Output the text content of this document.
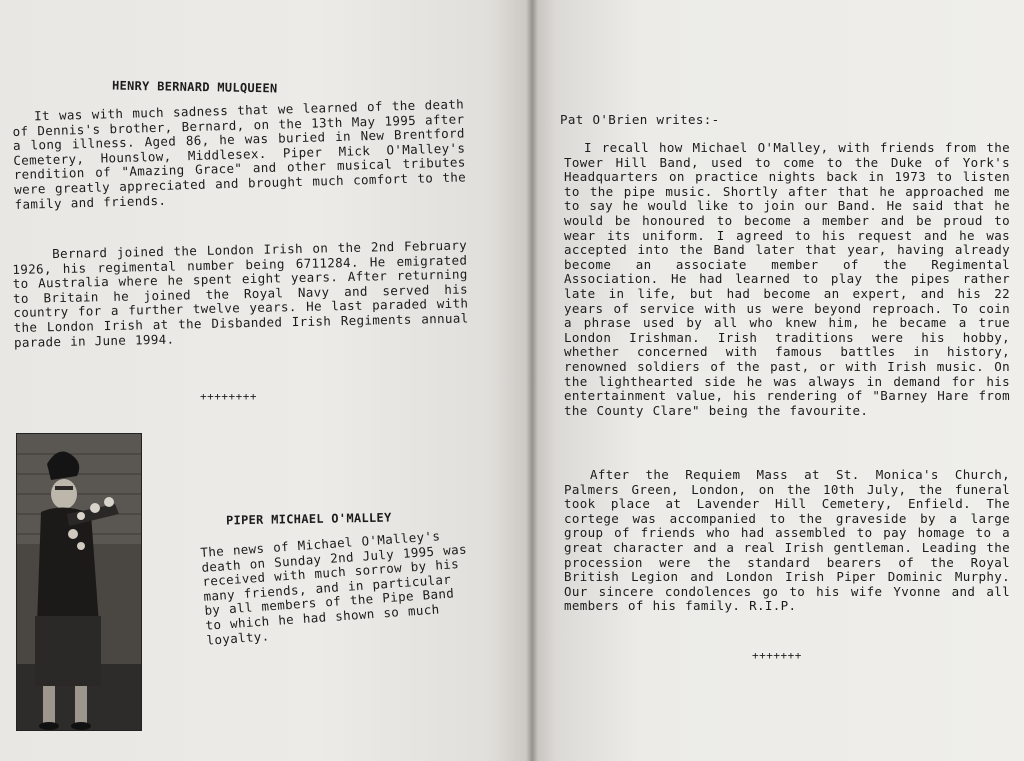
HENRY BERNARD MULQUEEN

It was with much sadness that we learned of the death of Dennis's brother, Bernard, on the 13th May 1995 after a long illness. Aged 86, he was buried in New Brentford Cemetery, Hounslow, Middlesex. Piper Mick O'Malley's rendition of "Amazing Grace" and other musical tributes were greatly appreciated and brought much comfort to the family and friends.

Bernard joined the London Irish on the 2nd February 1926, his regimental number being 6711284. He emigrated to Australia where he spent eight years. After returning to Britain he joined the Royal Navy and served his country for a further twelve years. He last paraded with the London Irish at the Disbanded Irish Regiments annual parade in June 1994.

++++++++

PIPER MICHAEL O'MALLEY

The news of Michael O'Malley's death on Sunday 2nd July 1995 was received with much sorrow by his many friends, and in particular by all members of the Pipe Band to which he had shown so much loyalty.

Pat O'Brien writes:-

I recall how Michael O'Malley, with friends from the Tower Hill Band, used to come to the Duke of York's Headquarters on practice nights back in 1973 to listen to the pipe music. Shortly after that he approached me to say he would like to join our Band. He said that he would be honoured to become a member and be proud to wear its uniform. I agreed to his request and he was accepted into the Band later that year, having already become an associate member of the Regimental Association. He had learned to play the pipes rather late in life, but had become an expert, and his 22 years of service with us were beyond reproach. To coin a phrase used by all who knew him, he became a true London Irishman. Irish traditions were his hobby, whether concerned with famous battles in history, renowned soldiers of the past, or with Irish music. On the lighthearted side he was always in demand for his entertainment value, his rendering of "Barney Hare from the County Clare" being the favourite.

After the Requiem Mass at St. Monica's Church, Palmers Green, London, on the 10th July, the funeral took place at Lavender Hill Cemetery, Enfield. The cortege was accompanied to the graveside by a large group of friends who had assembled to pay homage to a great character and a real Irish gentleman. Leading the procession were the standard bearers of the Royal British Legion and London Irish Piper Dominic Murphy. Our sincere condolences go to his wife Yvonne and all members of his family. R.I.P.

+++++++
